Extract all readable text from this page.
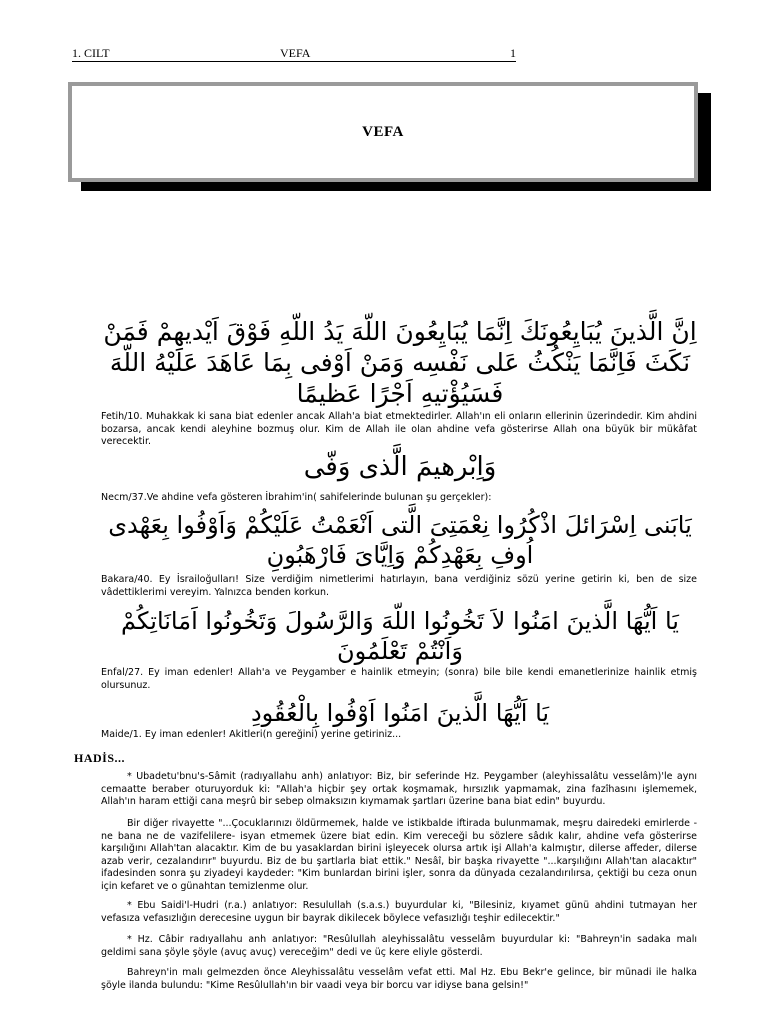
1. CILT	VEFA	1
VEFA
اِنَّ الَّذينَ يُبَايِعُونَكَ اِنَّمَا يُبَايِعُونَ اللّهَ يَدُ اللّهِ فَوْقَ اَيْديهِمْ فَمَنْ نَكَثَ فَاِنَّمَا يَنْكُثُ عَلى نَفْسِه وَمَنْ اَوْفى بِمَا عَاهَدَ عَلَيْهُ اللّهَ فَسَيُؤْتيهِ اَجْرًا عَظيمًا

Fetih/10. Muhakkak ki sana biat edenler ancak Allah'a biat etmektedirler. Allah'ın eli onların ellerinin üzerindedir. Kim ahdini bozarsa, ancak kendi aleyhine bozmuş olur. Kim de Allah ile olan ahdine vefa gösterirse Allah ona büyük bir mükâfat verecektir.

وَاِبْرهيمَ الَّذى وَفّى

Necm/37.Ve ahdine vefa gösteren İbrahim'in( sahifelerinde bulunan şu gerçekler):

يَابَنى اِسْرَائلَ اذْكُرُوا نِعْمَتِىَ الَّتى اَنْعَمْتُ عَلَيْكُمْ وَاَوْفُوا بِعَهْدى اُوفِ بِعَهْدِكُمْ وَاِيَّاىَ فَارْهَبُونِ

Bakara/40. Ey İsrailoğulları! Size verdiğim nimetlerimi hatırlayın, bana verdiğiniz sözü yerine getirin ki, ben de size vâdettiklerimi vereyim. Yalnızca benden korkun.

يَا اَيُّهَا الَّذينَ امَنُوا لاَ تَخُونُوا اللّهَ وَالرَّسُولَ وَتَخُونُوا اَمَانَاتِكُمْ وَاَنْتُمْ تَعْلَمُونَ

Enfal/27. Ey iman edenler! Allah'a ve Peygamber e hainlik etmeyin; (sonra) bile bile kendi emanetlerinize hainlik etmiş olursunuz.

يَا اَيُّهَا الَّذينَ امَنُوا اَوْفُوا بِالْعُقُودِ

Maide/1. Ey iman edenler! Akitleri(n gereğini) yerine getiriniz...

HADİS...

* Ubadetu'bnu's-Sâmit (radıyallahu anh) anlatıyor: Biz, bir seferinde Hz. Peygamber (aleyhissalâtu vesselâm)'le aynı cemaatte beraber oturuyorduk ki: "Allah'a hiçbir şey ortak koşmamak, hırsızlık yapmamak, zina fazîhasını işlememek, Allah'ın haram ettiği cana meşrû bir sebep olmaksızın kıymamak şartları üzerine bana biat edin" buyurdu.

Bir diğer rivayette "...Çocuklarınızı öldürmemek, halde ve istikbalde iftirada bulunmamak, meşru dairedeki emirlerde -ne bana ne de vazifelilere- isyan etmemek üzere biat edin. Kim vereceği bu sözlere sâdık kalır, ahdine vefa gösterirse karşılığını Allah'tan alacaktır. Kim de bu yasaklardan birini işleyecek olursa artık işi Allah'a kalmıştır, dilerse affeder, dilerse azab verir, cezalandırır" buyurdu. Biz de bu şartlarla biat ettik." Nesâî, bir başka rivayette "...karşılığını Allah'tan alacaktır" ifadesinden sonra şu ziyadeyi kaydeder: "Kim bunlardan birini işler, sonra da dünyada cezalandırılırsa, çektiği bu ceza onun için kefaret ve o günahtan temizlenme olur.

* Ebu Saidi'l-Hudri (r.a.) anlatıyor: Resulullah (s.a.s.) buyurdular ki, "Bilesiniz, kıyamet günü ahdini tutmayan her vefasıza vefasızlığın derecesine uygun bir bayrak dikilecek böylece vefasızlığı teşhir edilecektir."

* Hz. Câbir radıyallahu anh anlatıyor: "Resûlullah aleyhissalâtu vesselâm buyurdular ki: "Bahreyn'in sadaka malı geldimi sana şöyle şöyle (avuç avuç) vereceğim" dedi ve üç kere eliyle gösterdi.

Bahreyn'in malı gelmezden önce Aleyhissalâtu vesselâm vefat etti. Mal Hz. Ebu Bekr'e gelince, bir münadi ile halka şöyle ilanda bulundu: "Kime Resûlullah'ın bir vaadi veya bir borcu var idiyse bana gelsin!"
